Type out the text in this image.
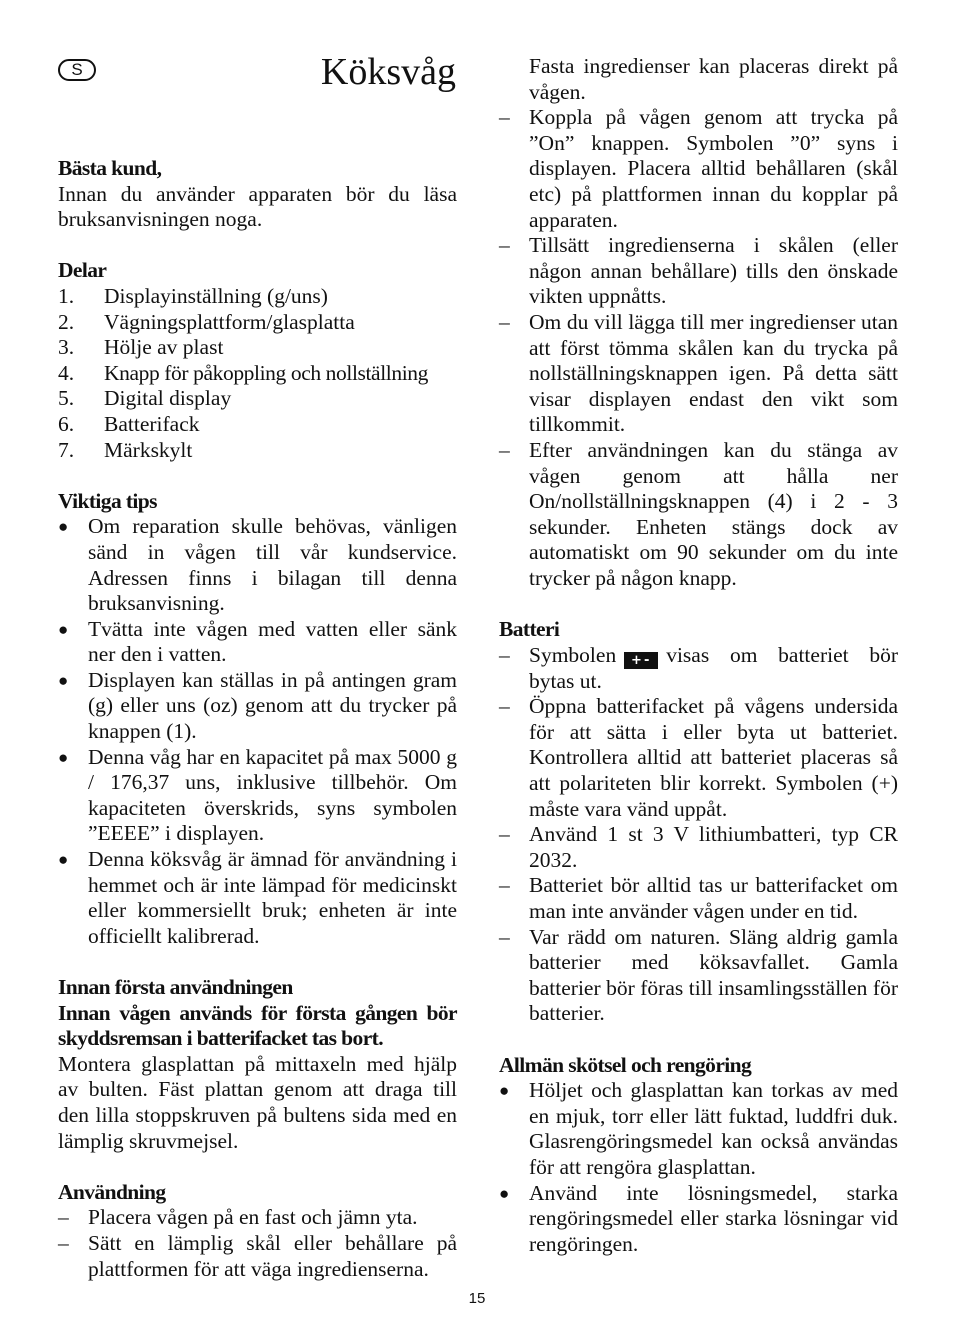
S	Köksvåg

Bästa kund,

Innan du använder apparaten bör du läsa bruksanvisningen noga.

Delar

1.	Displayinställning (g/uns)
2.	Vägningsplattform/glasplatta
3.	Hölje av plast
4.	Knapp för påkoppling och nollställning
5.	Digital display
6.	Batterifack
7.	Märkskylt

Viktiga tips

● Om reparation skulle behövas, vänligen sänd in vågen till vår kundservice. Adressen finns i bilagan till denna bruksanvisning.
● Tvätta inte vågen med vatten eller sänk ner den i vatten.
● Displayen kan ställas in på antingen gram (g) eller uns (oz) genom att du trycker på knappen (1).
● Denna våg har en kapacitet på max 5000 g / 176,37 uns, inklusive tillbehör. Om kapaciteten överskrids, syns symbolen ”EEEE” i displayen.
● Denna köksvåg är ämnad för användning i hemmet och är inte lämpad för medicinskt eller kommersiellt bruk; enheten är inte officiellt kalibrerad.

Innan första användningen

Innan vågen används för första gången bör skyddsremsan i batterifacket tas bort.

Montera glasplattan på mittaxeln med hjälp av bulten. Fäst plattan genom att draga till den lilla stoppskruven på bultens sida med en lämplig skruvmejsel.

Användning

– Placera vågen på en fast och jämn yta.
– Sätt en lämplig skål eller behållare på plattformen för att väga ingredienserna.
Fasta ingredienser kan placeras direkt på vågen.
– Koppla på vågen genom att trycka på ”On” knappen. Symbolen ”0” syns i displayen. Placera alltid behållaren (skål etc) på plattformen innan du kopplar på apparaten.
– Tillsätt ingredienserna i skålen (eller någon annan behållare) tills den önskade vikten uppnåtts.
– Om du vill lägga till mer ingredienser utan att först tömma skålen kan du trycka på nollställningsknappen igen. På detta sätt visar displayen endast den vikt som tillkommit.
– Efter användningen kan du stänga av vågen genom att hålla ner On/nollställningsknappen (4) i 2 - 3 sekunder. Enheten stängs dock av automatiskt om 90 sekunder om du inte trycker på någon knapp.

Batteri

– Symbolen +- visas om batteriet bör bytas ut.
– Öppna batterifacket på vågens undersida för att sätta i eller byta ut batteriet. Kontrollera alltid att batteriet placeras så att polariteten blir korrekt. Symbolen (+) måste vara vänd uppåt.
– Använd 1 st 3 V lithiumbatteri, typ CR 2032.
– Batteriet bör alltid tas ur batterifacket om man inte använder vågen under en tid.
– Var rädd om naturen. Släng aldrig gamla batterier med köksavfallet. Gamla batterier bör föras till insamlingsställen för batterier.

Allmän skötsel och rengöring

● Höljet och glasplattan kan torkas av med en mjuk, torr eller lätt fuktad, luddfri duk. Glasrengöringsmedel kan också användas för att rengöra glasplattan.
● Använd inte lösningsmedel, starka rengöringsmedel eller starka lösningar vid rengöringen.
15
